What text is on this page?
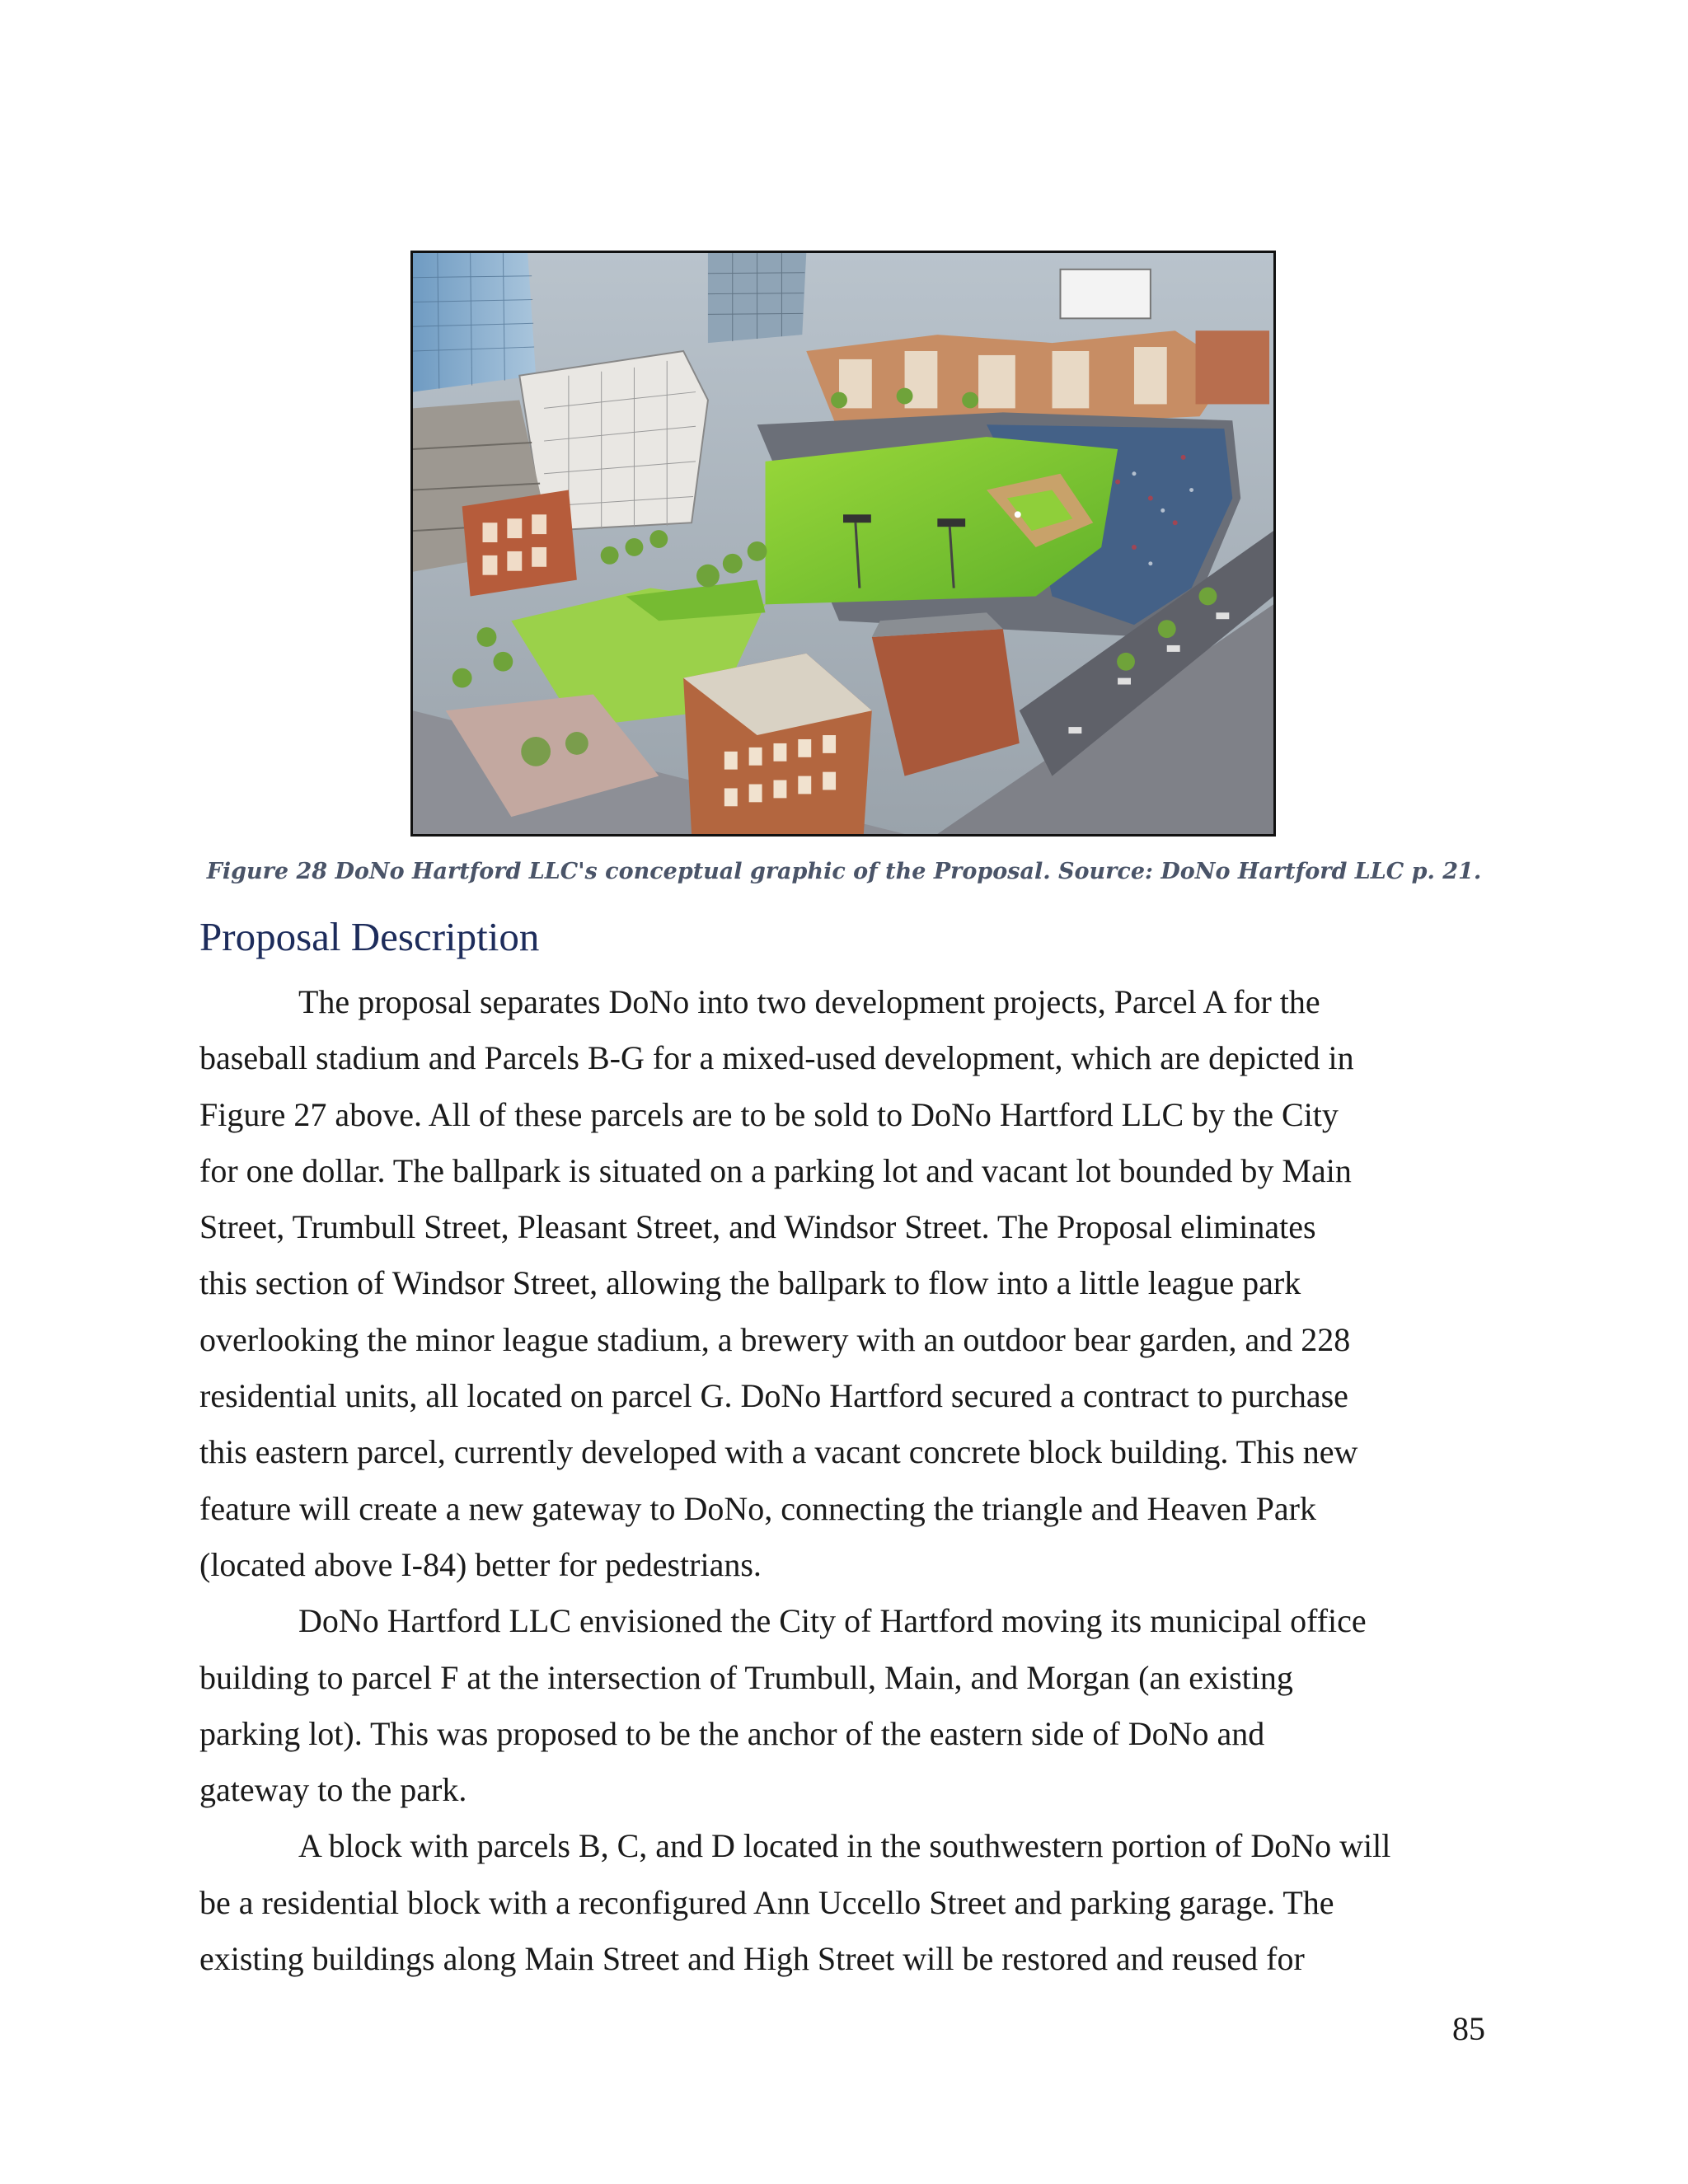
Figure 28 DoNo Hartford LLC's conceptual graphic of the Proposal. Source: DoNo Hartford LLC p. 21.
Proposal Description
The proposal separates DoNo into two development projects, Parcel A for the
baseball stadium and Parcels B-G for a mixed-used development, which are depicted in
Figure 27 above. All of these parcels are to be sold to DoNo Hartford LLC by the City
for one dollar. The ballpark is situated on a parking lot and vacant lot bounded by Main
Street, Trumbull Street, Pleasant Street, and Windsor Street. The Proposal eliminates
this section of Windsor Street, allowing the ballpark to flow into a little league park
overlooking the minor league stadium, a brewery with an outdoor bear garden, and 228
residential units, all located on parcel G. DoNo Hartford secured a contract to purchase
this eastern parcel, currently developed with a vacant concrete block building. This new
feature will create a new gateway to DoNo, connecting the triangle and Heaven Park
(located above I-84) better for pedestrians.
DoNo Hartford LLC envisioned the City of Hartford moving its municipal office
building to parcel F at the intersection of Trumbull, Main, and Morgan (an existing
parking lot). This was proposed to be the anchor of the eastern side of DoNo and
gateway to the park.
A block with parcels B, C, and D located in the southwestern portion of DoNo will
be a residential block with a reconfigured Ann Uccello Street and parking garage. The
existing buildings along Main Street and High Street will be restored and reused for
85
